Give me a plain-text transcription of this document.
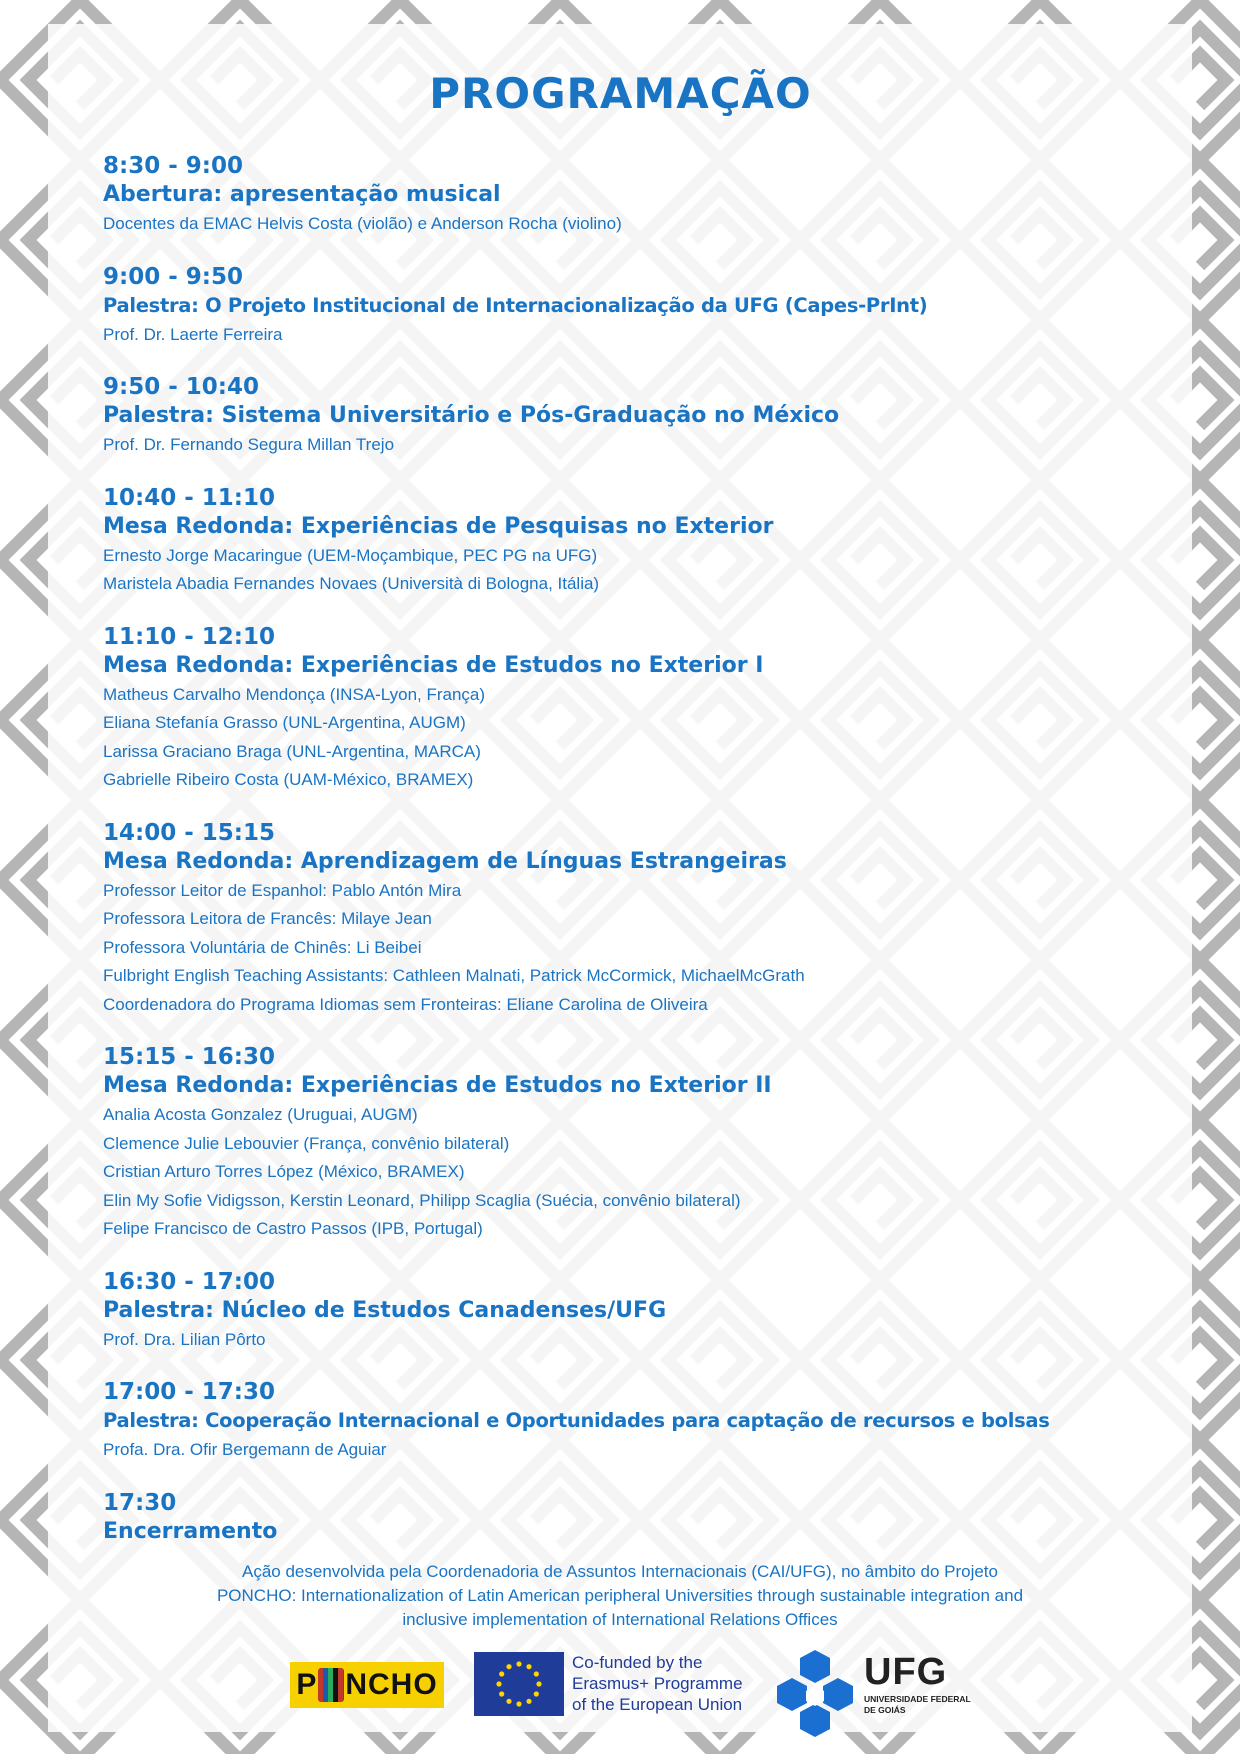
PROGRAMAÇÃO
8:30 - 9:00
Abertura: apresentação musical
Docentes da EMAC Helvis Costa (violão) e Anderson Rocha (violino)
9:00 - 9:50
Palestra: O Projeto Institucional de Internacionalização da UFG (Capes-PrInt)
Prof. Dr. Laerte Ferreira
9:50 - 10:40
Palestra: Sistema Universitário e Pós-Graduação no México
Prof. Dr. Fernando Segura Millan Trejo
10:40 - 11:10
Mesa Redonda: Experiências de Pesquisas no Exterior
Ernesto Jorge Macaringue (UEM-Moçambique, PEC PG na UFG)
Maristela Abadia Fernandes Novaes (Università di Bologna, Itália)
11:10 - 12:10
Mesa Redonda: Experiências de Estudos no Exterior I
Matheus Carvalho Mendonça (INSA-Lyon, França)
Eliana Stefanía Grasso (UNL-Argentina, AUGM)
Larissa Graciano Braga (UNL-Argentina, MARCA)
Gabrielle Ribeiro Costa (UAM-México, BRAMEX)
14:00 - 15:15
Mesa Redonda: Aprendizagem de Línguas Estrangeiras
Professor Leitor de Espanhol: Pablo Antón Mira
Professora Leitora de Francês: Milaye Jean
Professora Voluntária de Chinês: Li Beibei
Fulbright English Teaching Assistants: Cathleen Malnati, Patrick McCormick, MichaelMcGrath
Coordenadora do Programa Idiomas sem Fronteiras: Eliane Carolina de Oliveira
15:15 - 16:30
Mesa Redonda: Experiências de Estudos no Exterior II
Analia Acosta Gonzalez (Uruguai, AUGM)
Clemence Julie Lebouvier (França, convênio bilateral)
Cristian Arturo Torres López (México, BRAMEX)
Elin My Sofie Vidigsson, Kerstin Leonard, Philipp Scaglia (Suécia, convênio bilateral)
Felipe Francisco de Castro Passos (IPB, Portugal)
16:30 - 17:00
Palestra: Núcleo de Estudos Canadenses/UFG
Prof. Dra. Lilian Pôrto
17:00 - 17:30
Palestra: Cooperação Internacional e Oportunidades para captação de recursos e bolsas
Profa. Dra. Ofir Bergemann de Aguiar
17:30
Encerramento
Ação desenvolvida pela Coordenadoria de Assuntos Internacionais (CAI/UFG), no âmbito do Projeto
PONCHO: Internationalization of Latin American peripheral Universities through sustainable integration and
inclusive implementation of International Relations Offices
P NCHO
Co-funded by the
Erasmus+ Programme
of the European Union
UFG
UNIVERSIDADE FEDERAL DE GOIÁS
